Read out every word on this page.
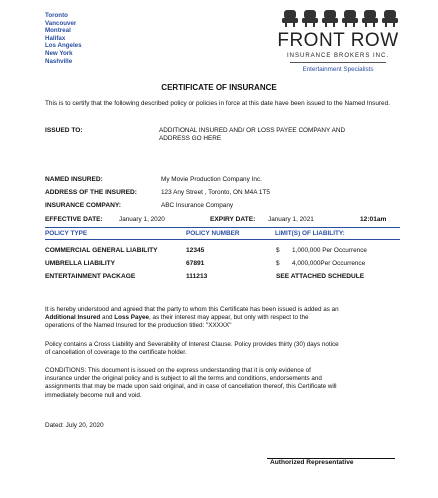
Toronto
Vancouver
Montreal
Halifax
Los Angeles
New York
Nashville
FRONT ROW
INSURANCE BROKERS INC.
Entertainment Specialists
CERTIFICATE OF INSURANCE
This is to certify that the following described policy or policies in force at this date have been issued to the Named Insured.
ISSUED TO:	ADDITIONAL INSURED AND/ OR LOSS PAYEE COMPANY AND
ADDRESS GO HERE
NAMED INSURED:	My Movie Production Company Inc.
ADDRESS OF THE INSURED:	123 Any Street , Toronto, ON M4A 1T5
INSURANCE COMPANY:	ABC Insurance Company
EFFECTIVE DATE:	January 1, 2020	EXPIRY DATE: January 1, 2021	12:01am
POLICY TYPE	POLICY NUMBER	LIMIT(S) OF LIABILITY:
COMMERCIAL GENERAL LIABILITY	12345	$ 1,000,000 Per Occurrence
UMBRELLA LIABILITY	67891	$ 4,000,000Per Occurrence
ENTERTAINMENT PACKAGE	111213	SEE ATTACHED SCHEDULE
It is hereby understood and agreed that the party to whom this Certificate has been issued is added as an
Additional Insured and Loss Payee, as their interest may appear, but only with respect to the
operations of the Named Insured for the production titled: "XXXXX"
Policy contains a Cross Liability and Severability of Interest Clause. Policy provides thirty (30) days notice
of cancellation of coverage to the certificate holder.
CONDITIONS: This document is issued on the express understanding that it is only evidence of
insurance under the original policy and is subject to all the terms and conditions, endorsements and
assignments that may be made upon said original, and in case of cancellation thereof, this Certificate will
immediately become null and void.
Dated: July 20, 2020
Authorized Representative
